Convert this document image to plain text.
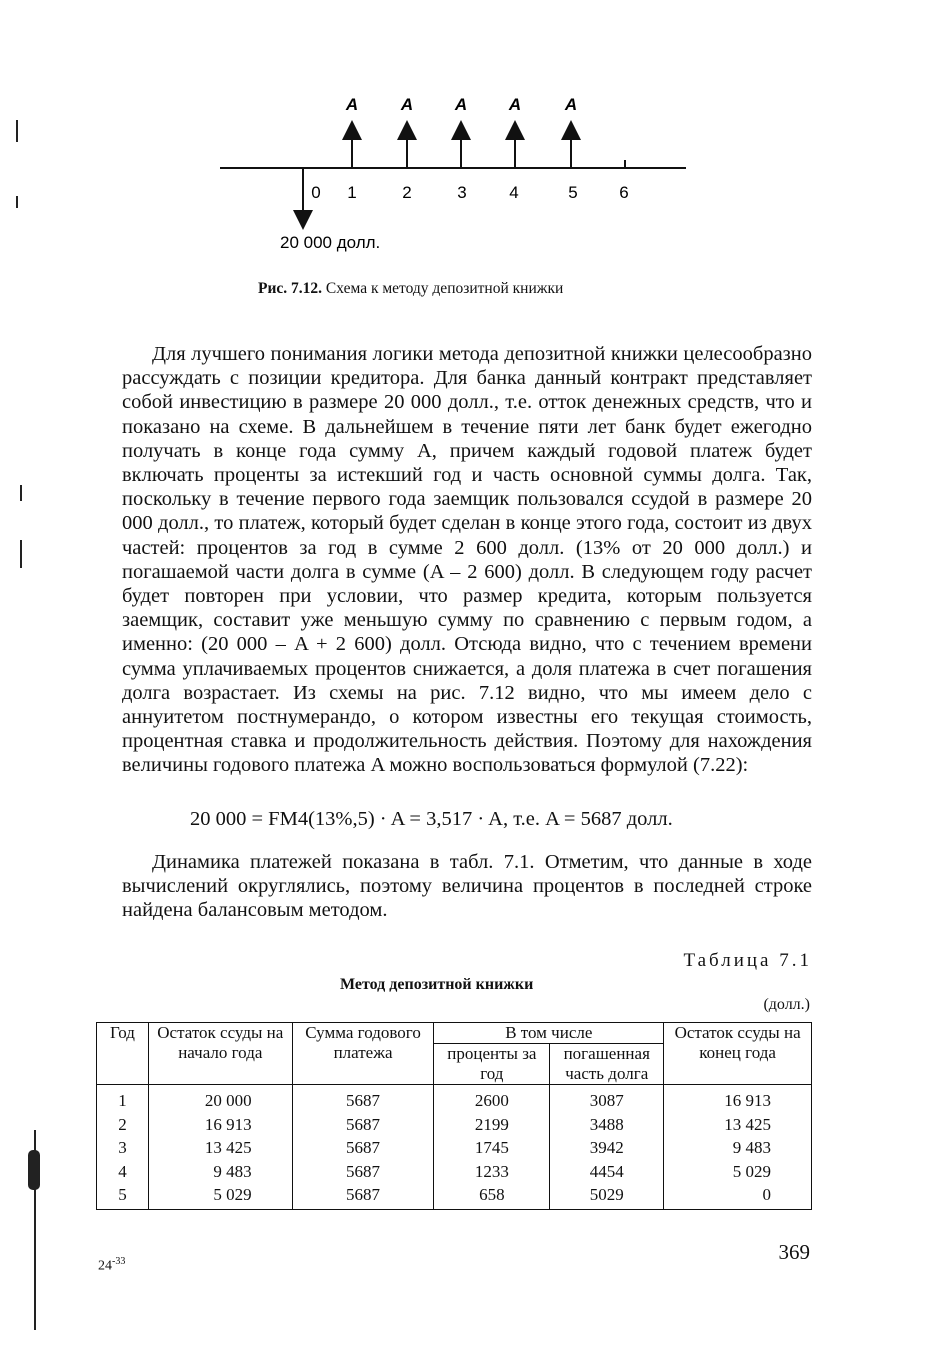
A	A A A	A
0 1	2	3	4	5 6
20 000 долл.
Рис. 7.12. Схема к методу депозитной книжки

Для лучшего понимания логики метода депозитной книжки целесообразно рассуждать с позиции кредитора. Для банка данный контракт представляет собой инвестицию в размере 20 000 долл., т.е. отток денежных средств, что и показано на схеме. В дальнейшем в течение пяти лет банк будет ежегодно получать в конце года сумму A, причем каждый годовой платеж будет включать проценты за истекший год и часть основной суммы долга. Так, поскольку в течение первого года заемщик пользовался ссудой в размере 20 000 долл., то платеж, который будет сделан в конце этого года, состоит из двух частей: процентов за год в сумме 2 600 долл. (13% от 20 000 долл.) и погашаемой части долга в сумме (A – 2 600) долл. В следующем году расчет будет повторен при условии, что размер кредита, которым пользуется заемщик, составит уже меньшую сумму по сравнению с первым годом, а именно: (20 000 – A + 2 600) долл. Отсюда видно, что с течением времени сумма уплачиваемых процентов снижается, а доля платежа в счет погашения долга возрастает. Из схемы на рис. 7.12 видно, что мы имеем дело с аннуитетом постнумерандо, о котором известны его текущая стоимость, процентная ставка и продолжительность действия. Поэтому для нахождения величины годового платежа A можно воспользоваться формулой (7.22):

20 000 = FM4(13%,5) · A = 3,517 · A, т.е. A = 5687 долл.

Динамика платежей показана в табл. 7.1. Отметим, что данные в ходе вычислений округлялись, поэтому величина процентов в последней строке найдена балансовым методом.

Таблица 7.1
Метод депозитной книжки
(долл.)
Год	Остаток ссуды на начало года	Сумма годового платежа	В том числе		Остаток ссуды на конец года
			проценты за год	погашенная часть долга	
1	20 000	5687	2600	3087	16 913
2	16 913	5687	2199	3488	13 425
3	13 425	5687	1745	3942	9 483
4	9 483	5687	1233	4454	5 029
5	5 029	5687	658	5029	0
$24^{-33}$	369
